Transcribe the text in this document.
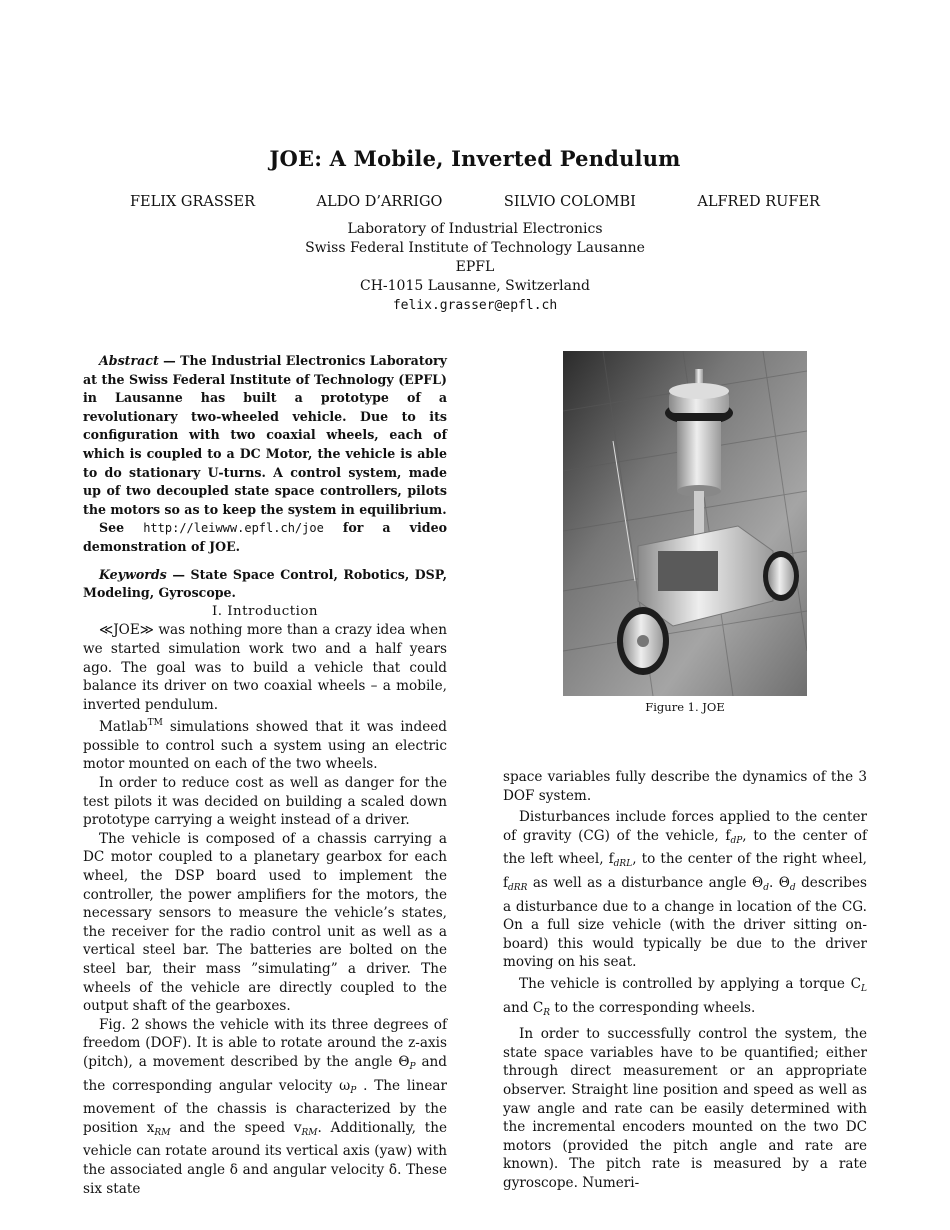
JOE: A Mobile, Inverted Pendulum
FELIX GRASSER	ALDO D’ARRIGO	SILVIO COLOMBI	ALFRED RUFER
Laboratory of Industrial Electronics
Swiss Federal Institute of Technology Lausanne
EPFL
CH-1015 Lausanne, Switzerland
felix.grasser@epfl.ch

Abstract — The Industrial Electronics Laboratory at the Swiss Federal Institute of Technology (EPFL) in Lausanne has built a prototype of a revolutionary two-wheeled vehicle. Due to its configuration with two coaxial wheels, each of which is coupled to a DC Motor, the vehicle is able to do stationary U-turns. A control system, made up of two decoupled state space controllers, pilots the motors so as to keep the system in equilibrium.

See http://leiwww.epfl.ch/joe for a video demonstration of JOE.

Keywords — State Space Control, Robotics, DSP, Modeling, Gyroscope.

I. Introduction

≪JOE≫ was nothing more than a crazy idea when we started simulation work two and a half years ago. The goal was to build a vehicle that could balance its driver on two coaxial wheels – a mobile, inverted pendulum.

Matlab™ simulations showed that it was indeed possible to control such a system using an electric motor mounted on each of the two wheels.

In order to reduce cost as well as danger for the test pilots it was decided on building a scaled down prototype carrying a weight instead of a driver.

The vehicle is composed of a chassis carrying a DC motor coupled to a planetary gearbox for each wheel, the DSP board used to implement the controller, the power amplifiers for the motors, the necessary sensors to measure the vehicle’s states, the receiver for the radio control unit as well as a vertical steel bar. The batteries are bolted on the steel bar, their mass ”simulating” a driver. The wheels of the vehicle are directly coupled to the output shaft of the gearboxes.

Fig. 2 shows the vehicle with its three degrees of freedom (DOF). It is able to rotate around the z-axis (pitch), a movement described by the angle $\Theta_P$ and the corresponding angular velocity $\omega_P$ . The linear movement of the chassis is characterized by the position $x_{RM}$ and the speed $v_{RM}$. Additionally, the vehicle can rotate around its vertical axis (yaw) with the associated angle δ and angular velocity δ̇. These six state

Figure 1. JOE

space variables fully describe the dynamics of the 3 DOF system.

Disturbances include forces applied to the center of gravity (CG) of the vehicle, $f_{dP}$, to the center of the left wheel, $f_{dRL}$, to the center of the right wheel, $f_{dRR}$ as well as a disturbance angle $\Theta_d$. $\Theta_d$ describes a disturbance due to a change in location of the CG. On a full size vehicle (with the driver sitting on-board) this would typically be due to the driver moving on his seat.

The vehicle is controlled by applying a torque $C_L$ and $C_R$ to the corresponding wheels.

In order to successfully control the system, the state space variables have to be quantified; either through direct measurement or an appropriate observer. Straight line position and speed as well as yaw angle and rate can be easily determined with the incremental encoders mounted on the two DC motors (provided the pitch angle and rate are known). The pitch rate is measured by a rate gyroscope. Numeri-
